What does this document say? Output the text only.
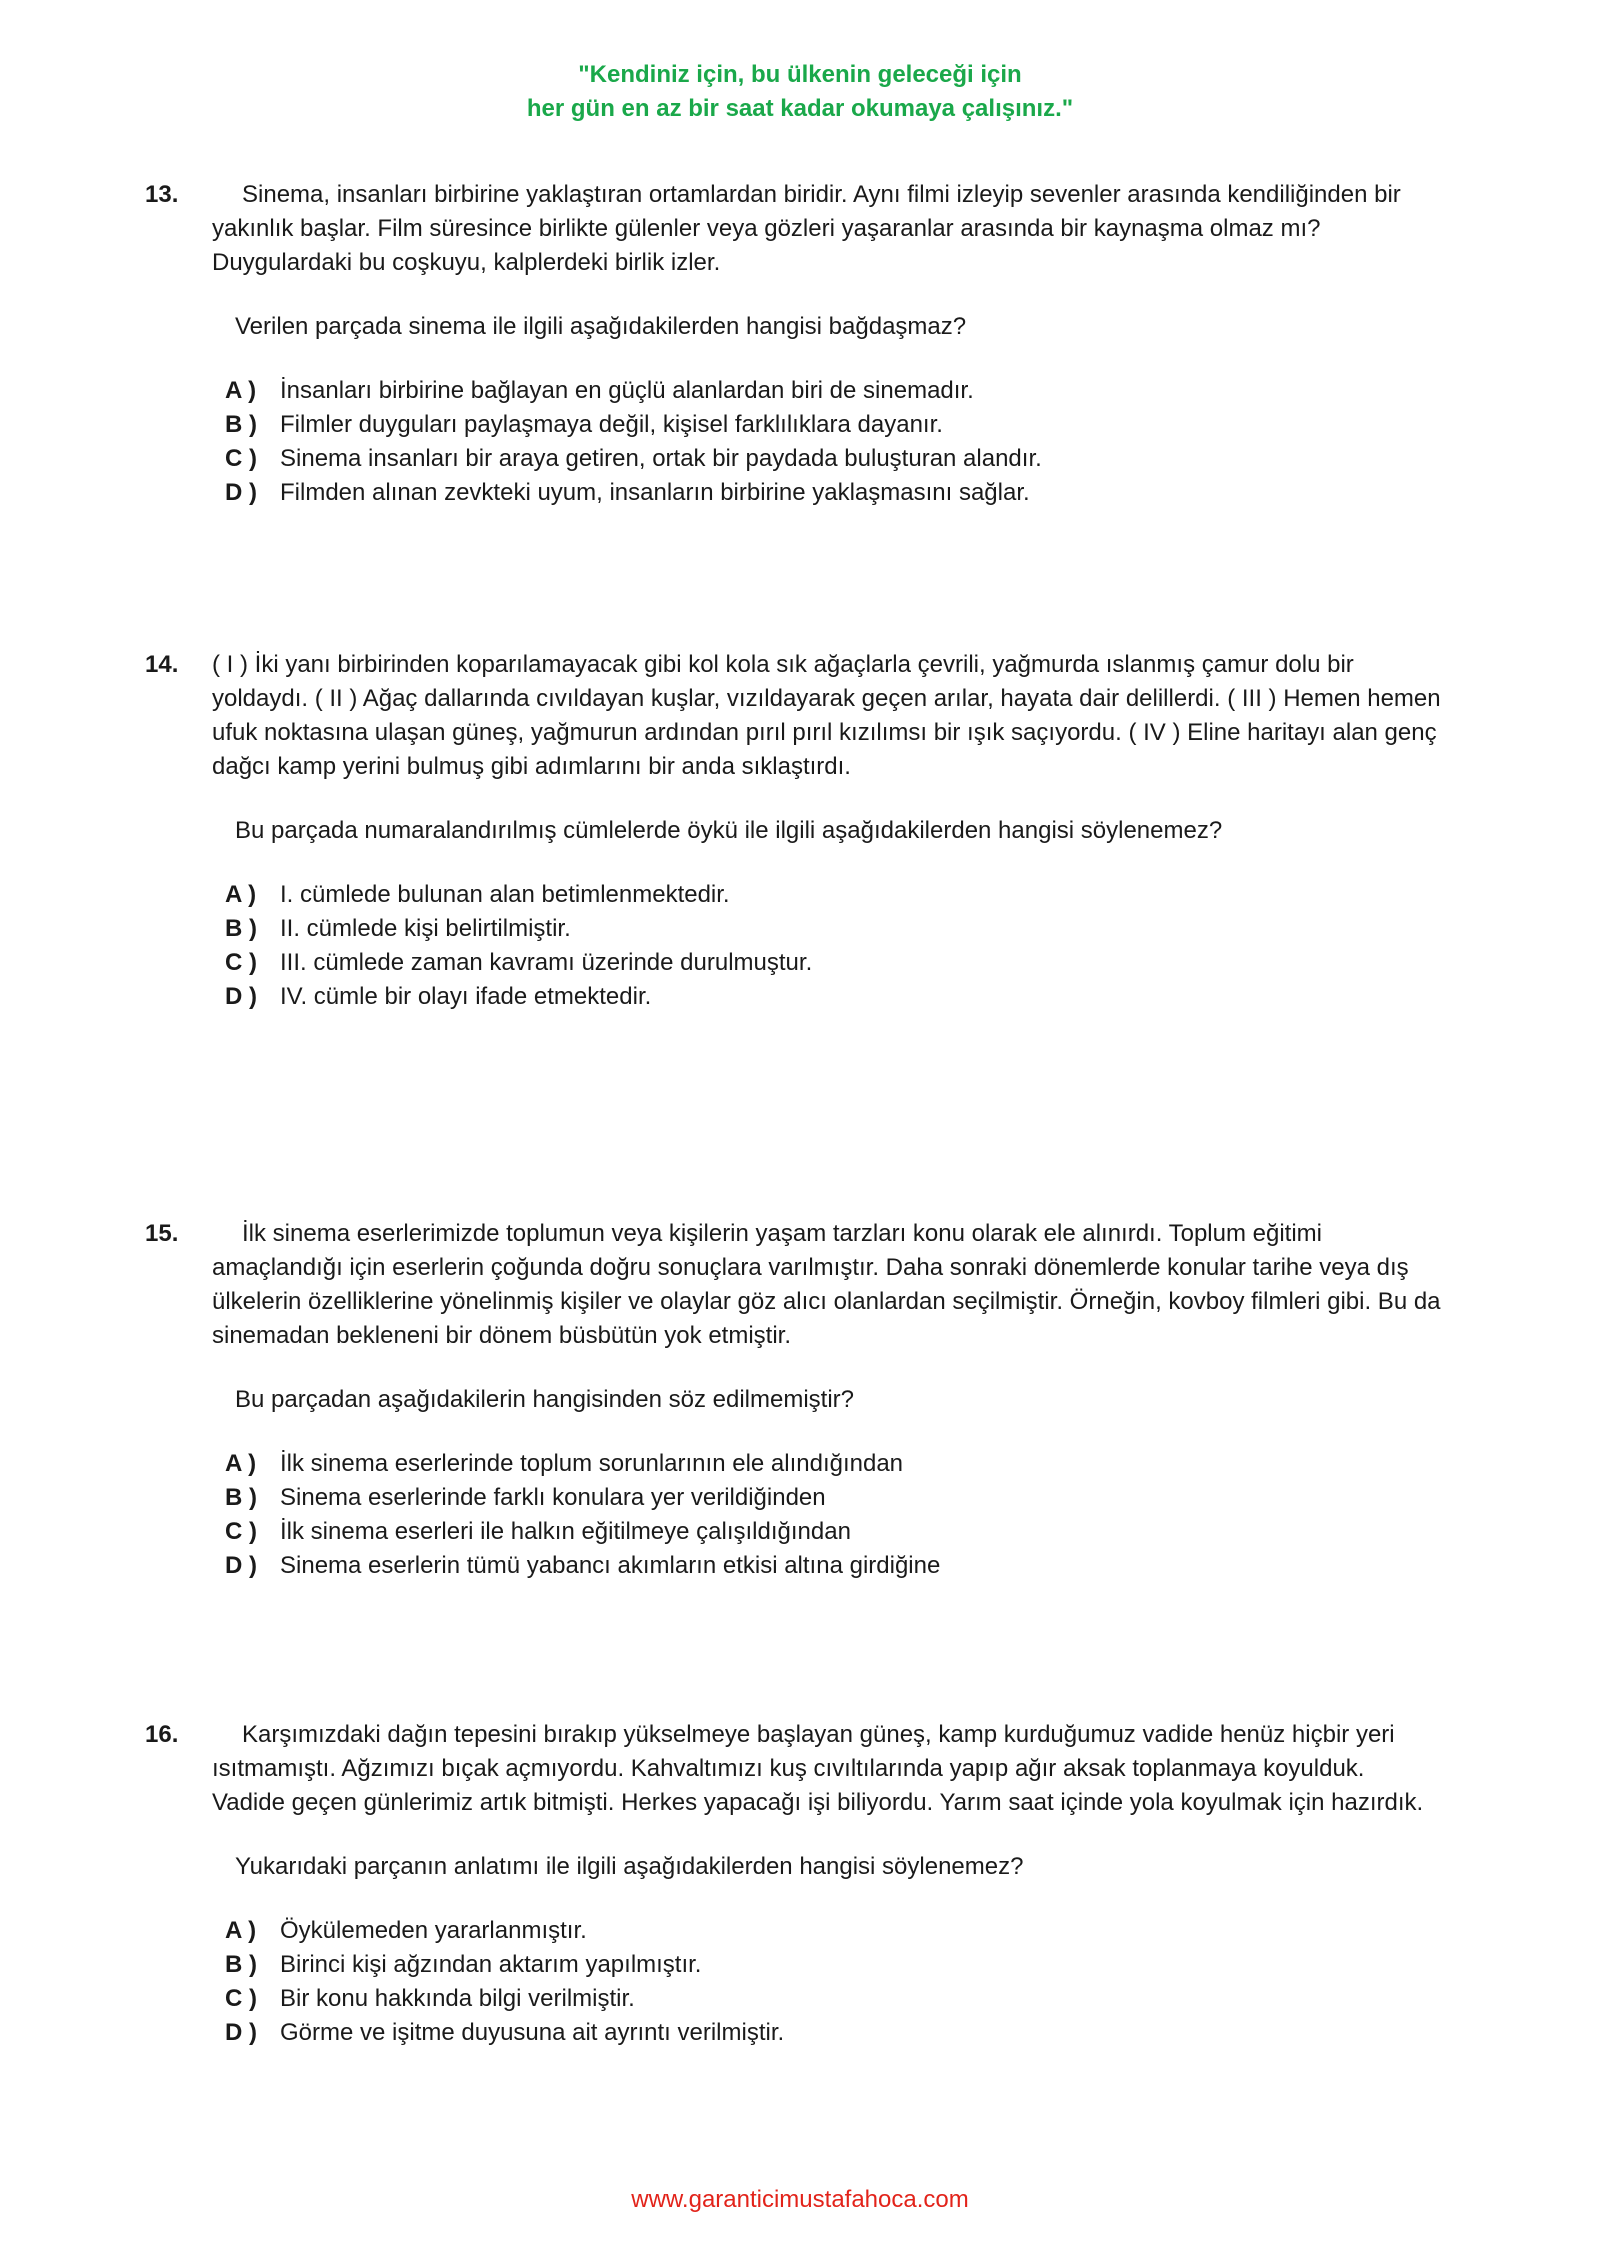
"Kendiniz için, bu ülkenin geleceği için
her gün en az bir saat kadar okumaya çalışınız."
13.	Sinema, insanları birbirine yaklaştıran ortamlardan biridir. Aynı filmi izleyip sevenler arasında kendiliğinden bir yakınlık başlar. Film süresince birlikte gülenler veya gözleri yaşaranlar arasında bir kaynaşma olmaz mı? Duygulardaki bu coşkuyu, kalplerdeki birlik izler.
Verilen parçada sinema ile ilgili aşağıdakilerden hangisi bağdaşmaz?
A ) İnsanları birbirine bağlayan en güçlü alanlardan biri de sinemadır.
B ) Filmler duyguları paylaşmaya değil, kişisel farklılıklara dayanır.
C ) Sinema insanları bir araya getiren, ortak bir paydada buluşturan alandır.
D ) Filmden alınan zevkteki uyum, insanların birbirine yaklaşmasını sağlar.
14. ( I ) İki yanı birbirinden koparılamayacak gibi kol kola sık ağaçlarla çevrili, yağmurda ıslanmış çamur dolu bir yoldaydı. ( II ) Ağaç dallarında cıvıldayan kuşlar, vızıldayarak geçen arılar, hayata dair delillerdi. ( III ) Hemen hemen ufuk noktasına ulaşan güneş, yağmurun ardından pırıl pırıl kızılımsı bir ışık saçıyordu. ( IV ) Eline haritayı alan genç dağcı kamp yerini bulmuş gibi adımlarını bir anda sıklaştırdı.
Bu parçada numaralandırılmış cümlelerde öykü ile ilgili aşağıdakilerden hangisi söylenemez?
A ) I. cümlede bulunan alan betimlenmektedir.
B ) II. cümlede kişi belirtilmiştir.
C ) III. cümlede zaman kavramı üzerinde durulmuştur.
D ) IV. cümle bir olayı ifade etmektedir.
15.	İlk sinema eserlerimizde toplumun veya kişilerin yaşam tarzları konu olarak ele alınırdı. Toplum eğitimi amaçlandığı için eserlerin çoğunda doğru sonuçlara varılmıştır. Daha sonraki dönemlerde konular tarihe veya dış ülkelerin özelliklerine yönelinmiş kişiler ve olaylar göz alıcı olanlardan seçilmiştir. Örneğin, kovboy filmleri gibi. Bu da sinemadan bekleneni bir dönem büsbütün yok etmiştir.
Bu parçadan aşağıdakilerin hangisinden söz edilmemiştir?
A ) İlk sinema eserlerinde toplum sorunlarının ele alındığından
B ) Sinema eserlerinde farklı konulara yer verildiğinden
C ) İlk sinema eserleri ile halkın eğitilmeye çalışıldığından
D ) Sinema eserlerin tümü yabancı akımların etkisi altına girdiğine
16.	Karşımızdaki dağın tepesini bırakıp yükselmeye başlayan güneş, kamp kurduğumuz vadide henüz hiçbir yeri ısıtmamıştı. Ağzımızı bıçak açmıyordu. Kahvaltımızı kuş cıvıltılarında yapıp ağır aksak toplanmaya koyulduk. Vadide geçen günlerimiz artık bitmişti. Herkes yapacağı işi biliyordu. Yarım saat içinde yola koyulmak için hazırdık.
Yukarıdaki parçanın anlatımı ile ilgili aşağıdakilerden hangisi söylenemez?
A ) Öykülemeden yararlanmıştır.
B ) Birinci kişi ağzından aktarım yapılmıştır.
C ) Bir konu hakkında bilgi verilmiştir.
D ) Görme ve işitme duyusuna ait ayrıntı verilmiştir.
www.garanticimustafahoca.com
